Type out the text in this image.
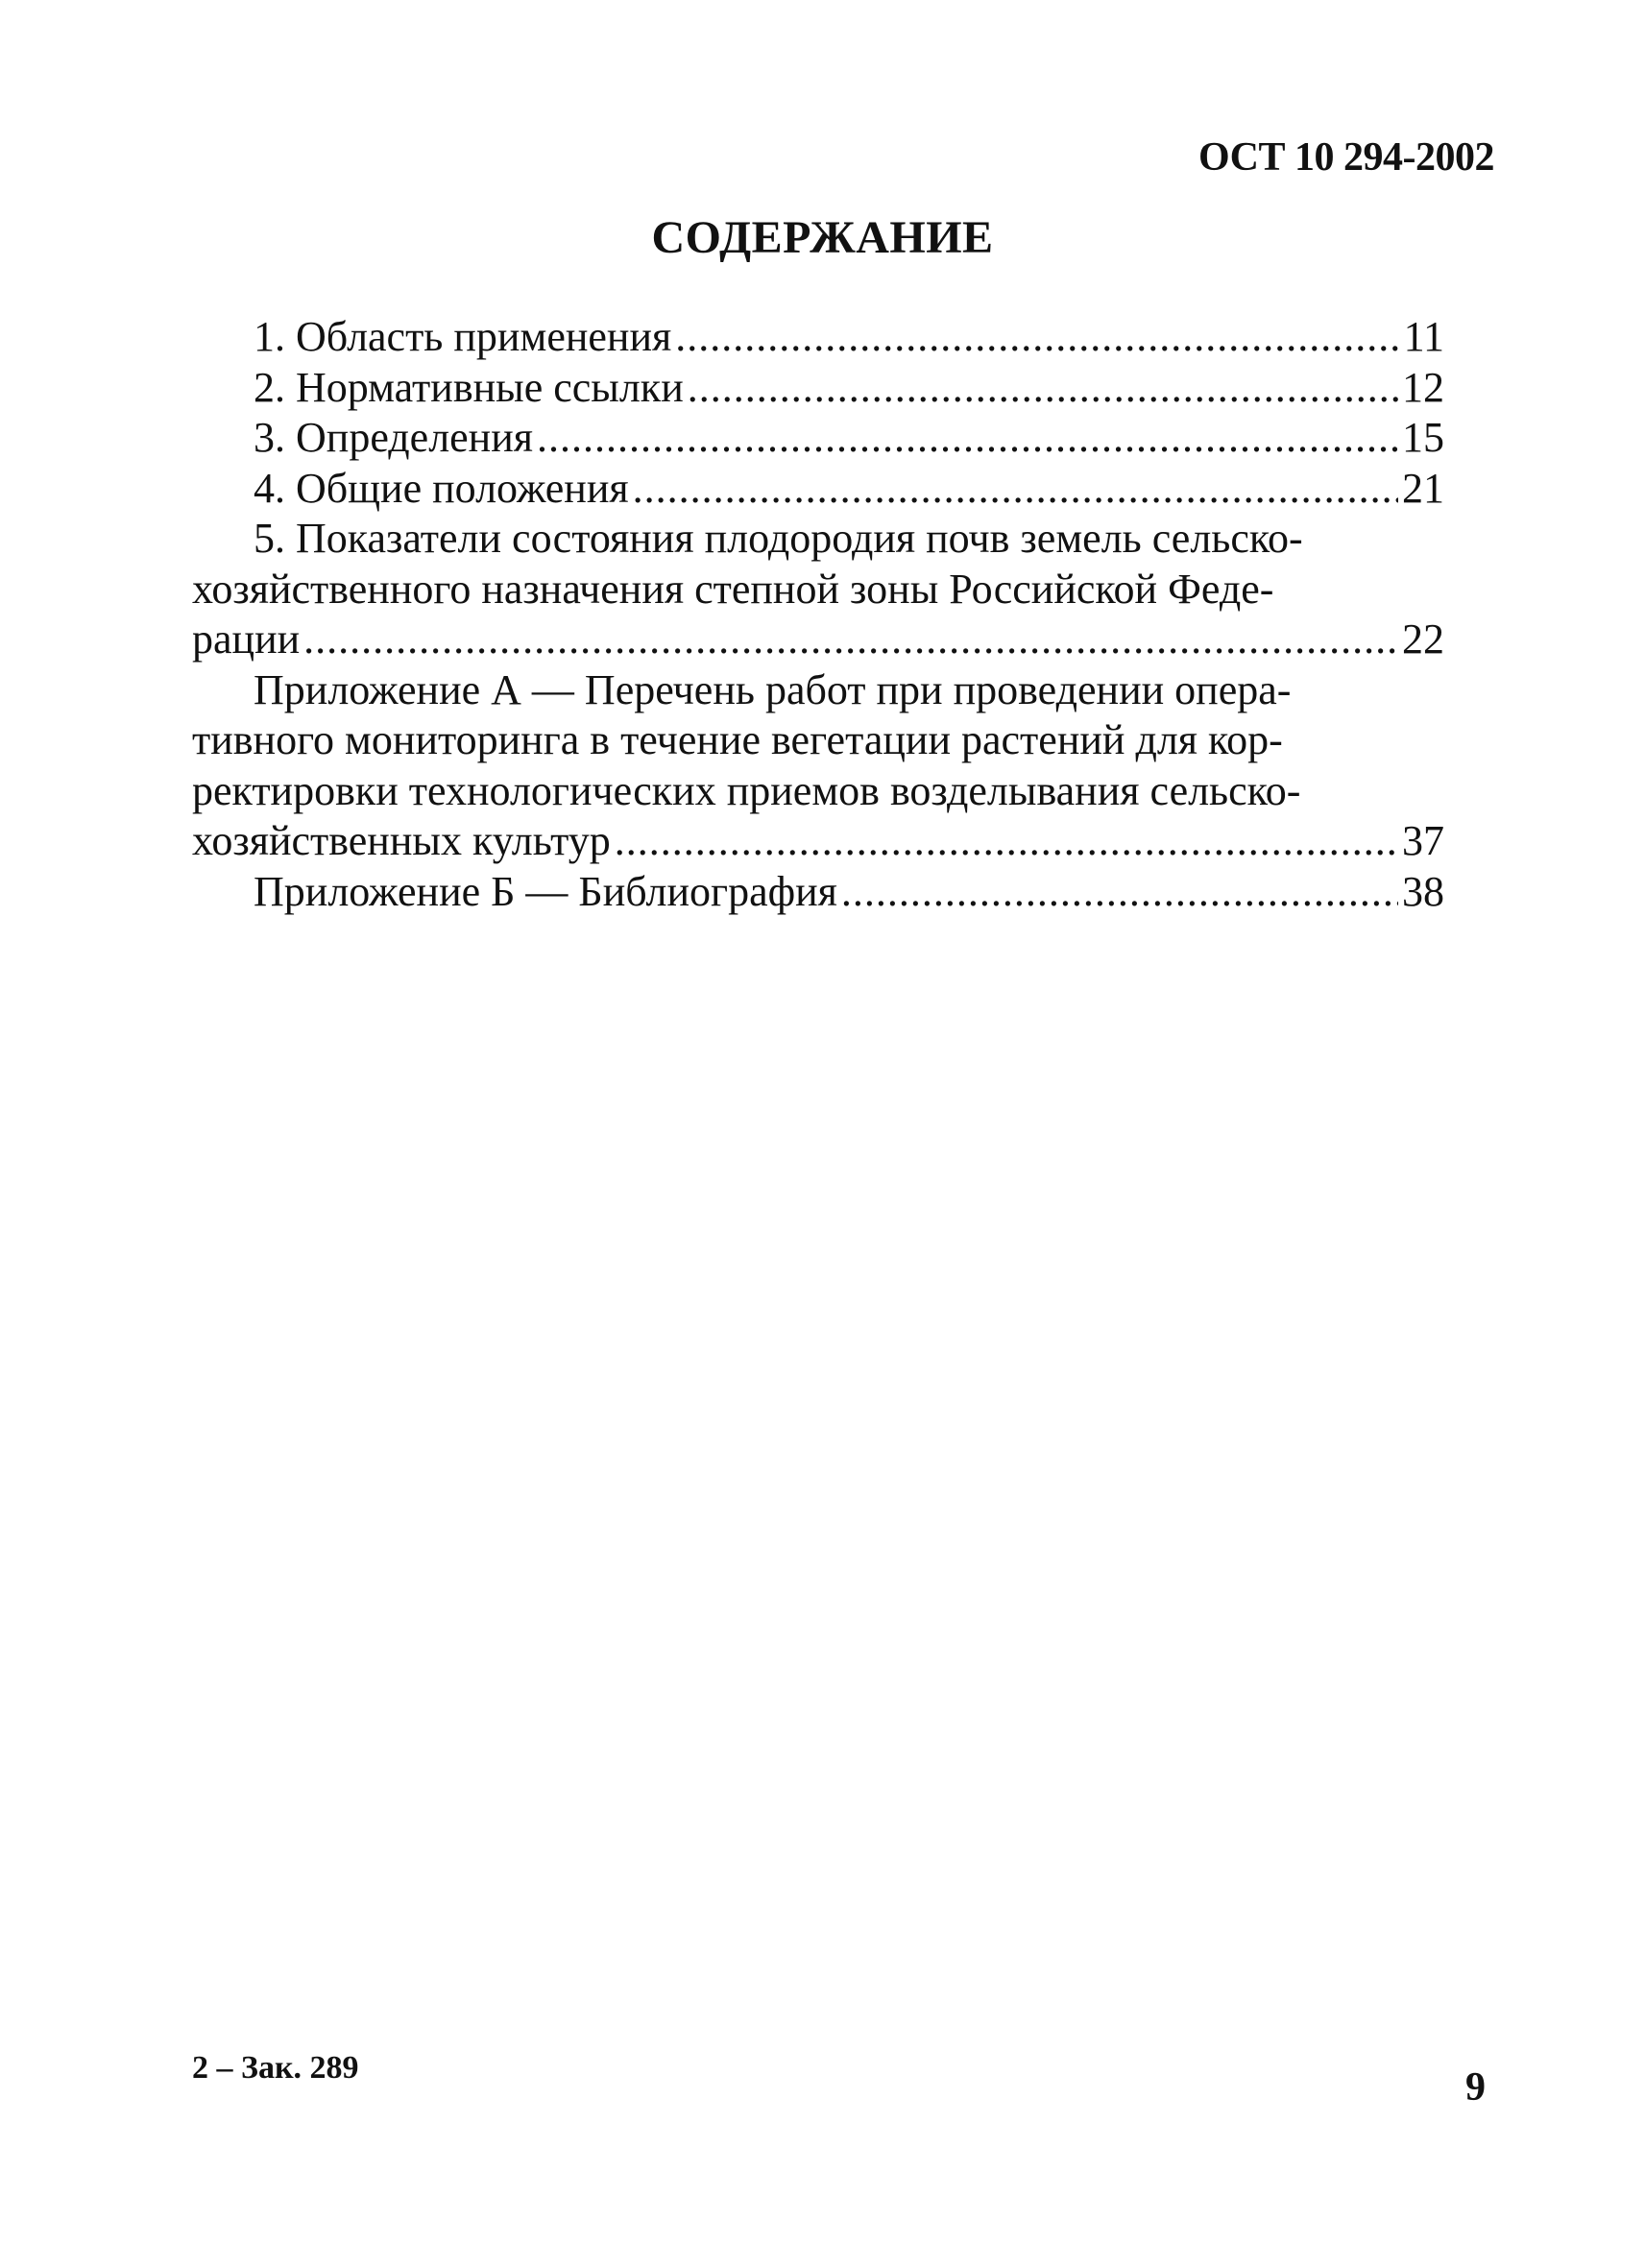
ОСТ 10 294-2002
СОДЕРЖАНИЕ
1. Область применения .....	11
2. Нормативные ссылки .....	12
3. Определения .....	15
4. Общие положения .....	21
5. Показатели состояния плодородия почв земель сельско-
хозяйственного назначения степной зоны Российской Феде-
рации .....	22
Приложение А — Перечень работ при проведении опера-
тивного мониторинга в течение вегетации растений для кор-
ректировки технологических приемов возделывания сельско-
хозяйственных культур .....	37
Приложение Б — Библиография .....	38
2 – Зак. 289	9
